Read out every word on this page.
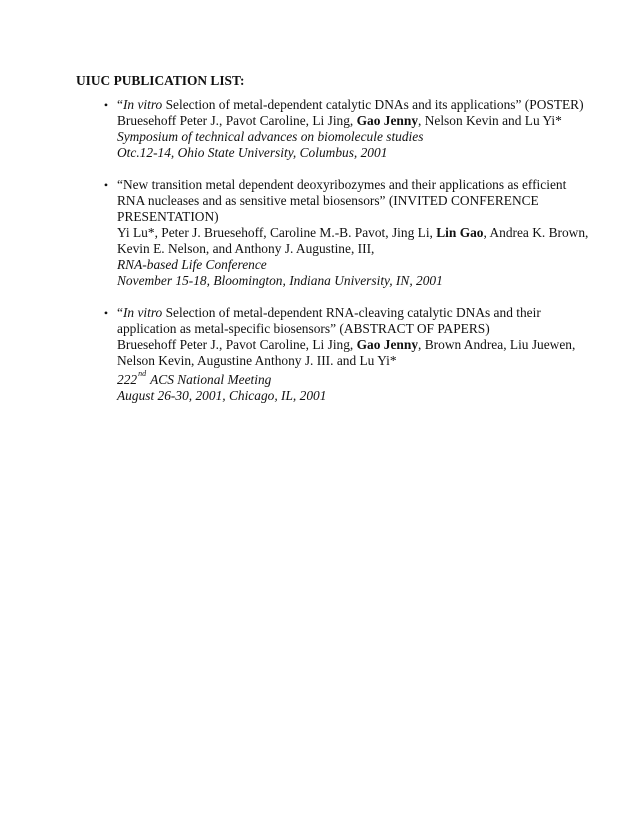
UIUC PUBLICATION LIST:
• “In vitro Selection of metal-dependent catalytic DNAs and its applications” (POSTER)
Bruesehoff Peter J., Pavot Caroline, Li Jing, Gao Jenny, Nelson Kevin and Lu Yi*
Symposium of technical advances on biomolecule studies
Otc.12-14, Ohio State University, Columbus, 2001
• “New transition metal dependent deoxyribozymes and their applications as efficient
RNA nucleases and as sensitive metal biosensors” (INVITED CONFERENCE
PRESENTATION)
Yi Lu*, Peter J. Bruesehoff, Caroline M.-B. Pavot, Jing Li, Lin Gao, Andrea K. Brown,
Kevin E. Nelson, and Anthony J. Augustine, III,
RNA-based Life Conference
November 15-18, Bloomington, Indiana University, IN, 2001
• “In vitro Selection of metal-dependent RNA-cleaving catalytic DNAs and their
application as metal-specific biosensors” (ABSTRACT OF PAPERS)
Bruesehoff Peter J., Pavot Caroline, Li Jing, Gao Jenny, Brown Andrea, Liu Juewen,
Nelson Kevin, Augustine Anthony J. III. and Lu Yi*
222nd ACS National Meeting
August 26-30, 2001, Chicago, IL, 2001
